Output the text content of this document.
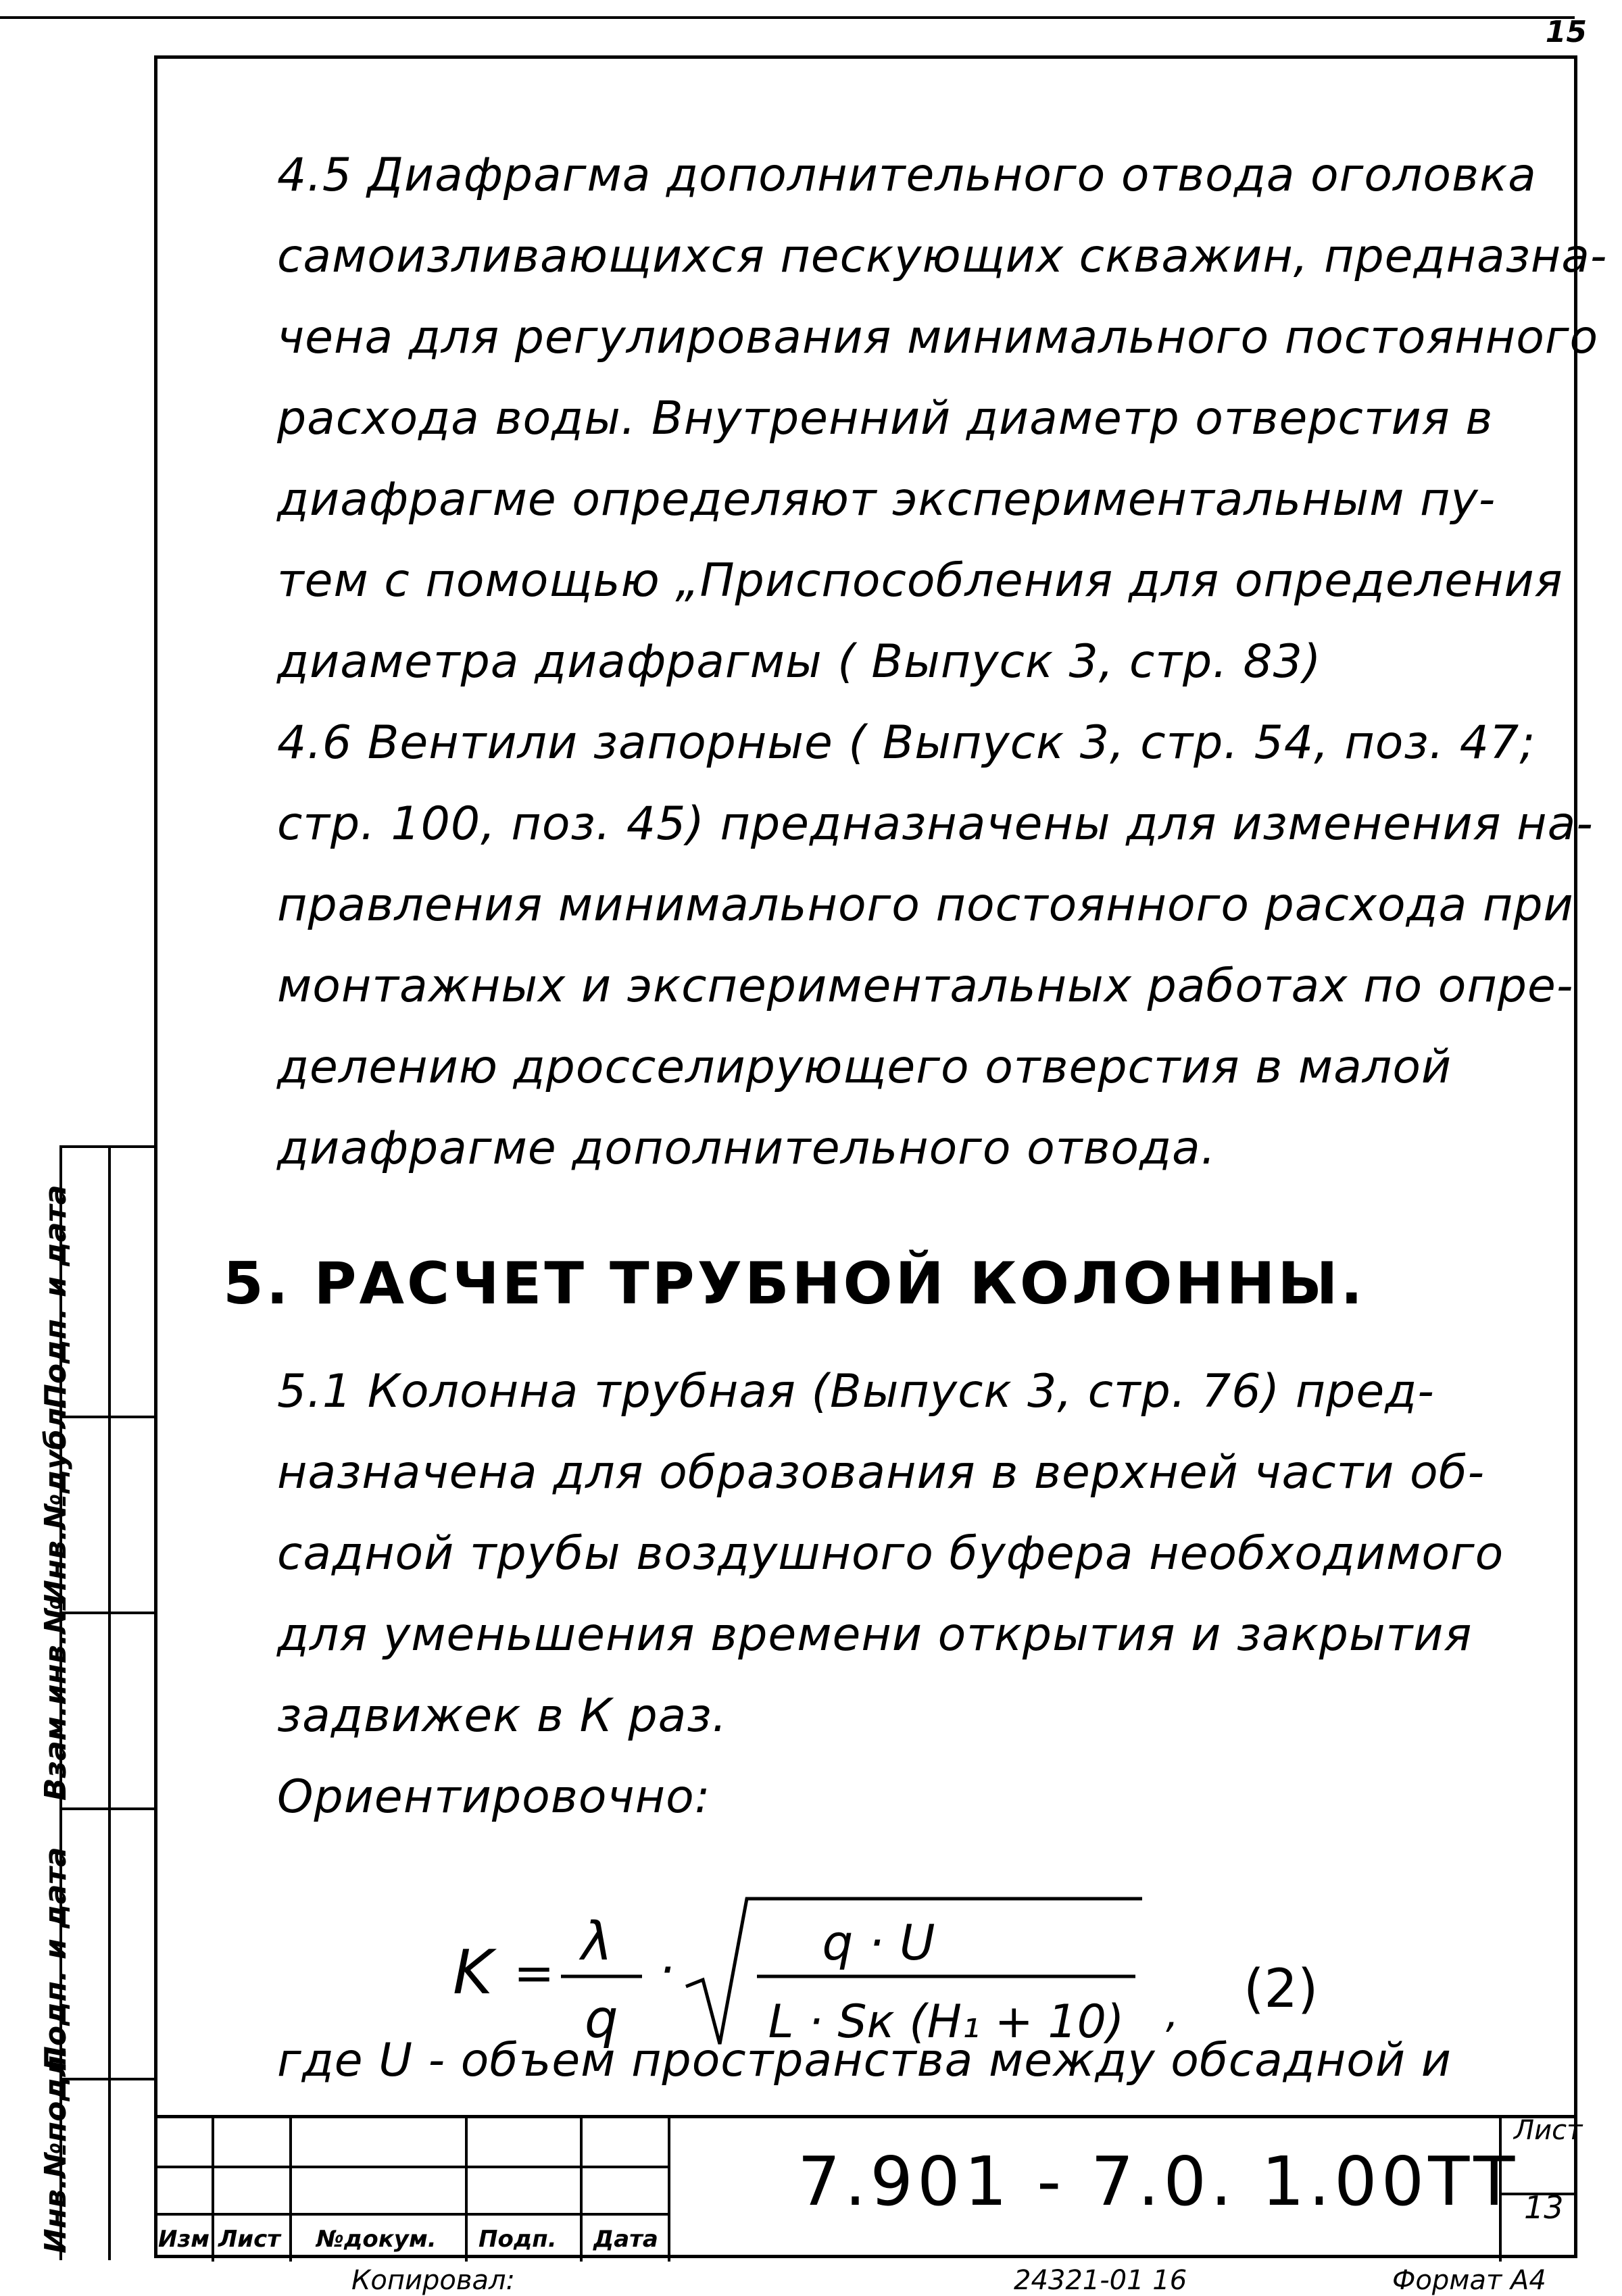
15
4.5 Диафрагма дополнительного отвода оголовка
самоизливающихся пескующих скважин, предназна-
чена для регулирования минимального постоянного
расхода воды. Внутренний диаметр отверстия в
диафрагме определяют экспериментальным пу-
тем с помощью „Приспособления для определения
диаметра диафрагмы ( Выпуск 3, стр. 83)
4.6 Вентили запорные ( Выпуск 3, стр. 54, поз. 47;
стр. 100, поз. 45) предназначены для изменения на-
правления минимального постоянного расхода при
монтажных и экспериментальных работах по опре-
делению дросселирующего отверстия в малой
диафрагме дополнительного отвода.
5. РАСЧЕТ ТРУБНОЙ КОЛОННЫ.
5.1 Колонна трубная (Выпуск 3, стр. 76) пред-
назначена для образования в верхней части об-
садной трубы воздушного буфера необходимого
для уменьшения времени открытия и закрытия
задвижек в К раз.
Ориентировочно:
K =
λ
q
·	q · U
L · Sк (H₁ + 10) , (2)
где U - объем пространства между обсадной и
Подп. и дата
Инв.№дубл.
Взам.инв.№
Подп. и дата
Инв.№подл.	Изм Лист №докум. Подп. Дата
7.901 - 7.0. 1.00ТТ
Лист
13
Копировал:	24321-01 16	Формат А4
